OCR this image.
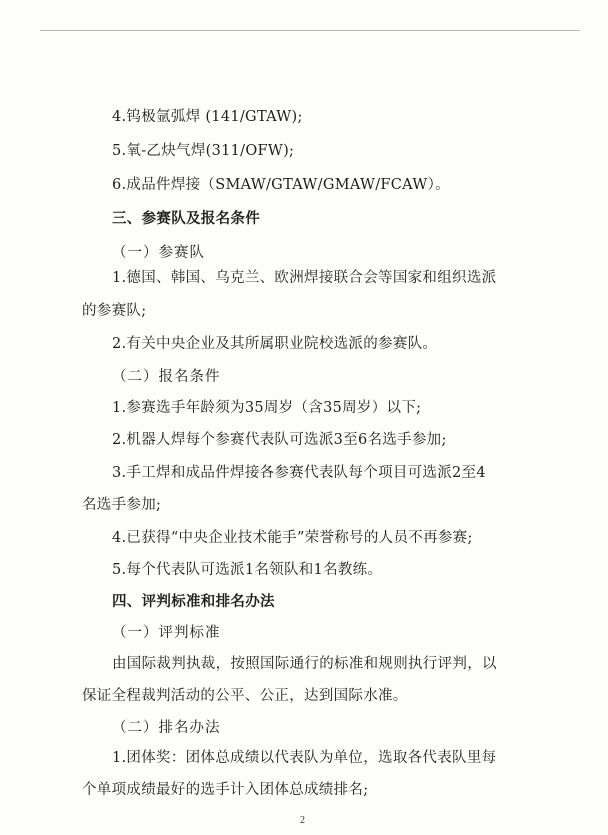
4.钨极氩弧焊 (141/GTAW);
5.氧-乙炔气焊(311/OFW);
6.成品件焊接（SMAW/GTAW/GMAW/FCAW）。
三、参赛队及报名条件
（一）参赛队
1.德国、韩国、乌克兰、欧洲焊接联合会等国家和组织选派
的参赛队;
2.有关中央企业及其所属职业院校选派的参赛队。
（二）报名条件
1.参赛选手年龄须为35周岁（含35周岁）以下;
2.机器人焊每个参赛代表队可选派3至6名选手参加;
3.手工焊和成品件焊接各参赛代表队每个项目可选派2至4
名选手参加;
4.已获得“中央企业技术能手”荣誉称号的人员不再参赛;
5.每个代表队可选派1名领队和1名教练。
四、评判标准和排名办法
（一）评判标准
由国际裁判执裁，按照国际通行的标准和规则执行评判，以
保证全程裁判活动的公平、公正，达到国际水准。
（二）排名办法
1.团体奖：团体总成绩以代表队为单位，选取各代表队里每
个单项成绩最好的选手计入团体总成绩排名;
2
